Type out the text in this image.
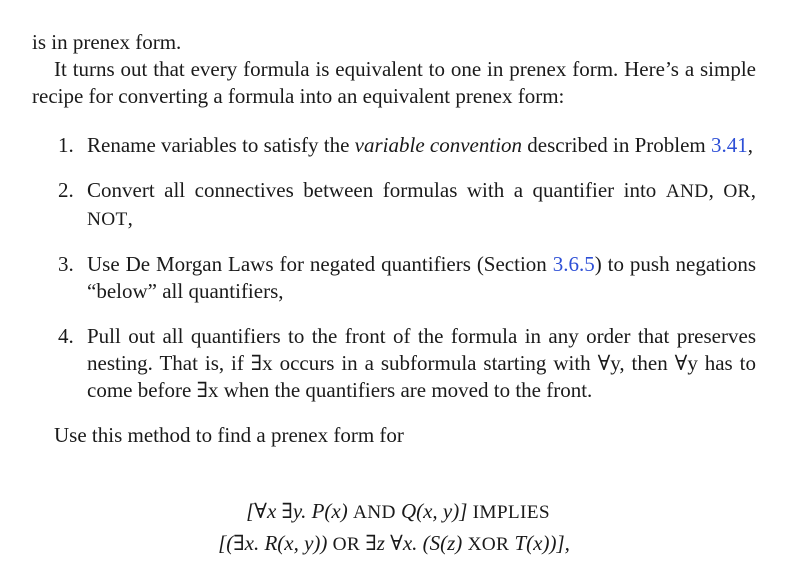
is in prenex form.

It turns out that every formula is equivalent to one in prenex form. Here’s a simple recipe for converting a formula into an equivalent prenex form:

1. Rename variables to satisfy the variable convention described in Problem 3.41,
2. Convert all connectives between formulas with a quantifier into AND, OR, NOT,
3. Use De Morgan Laws for negated quantifiers (Section 3.6.5) to push negations “below” all quantifiers,
4. Pull out all quantifiers to the front of the formula in any order that preserves nesting. That is, if ∃x occurs in a subformula starting with ∀y, then ∀y has to come before ∃x when the quantifiers are moved to the front.

Use this method to find a prenex form for

[∀x ∃y. P(x) AND Q(x, y)] IMPLIES
[(∃x. R(x, y)) OR ∃z ∀x. (S(z) XOR T(x))],
